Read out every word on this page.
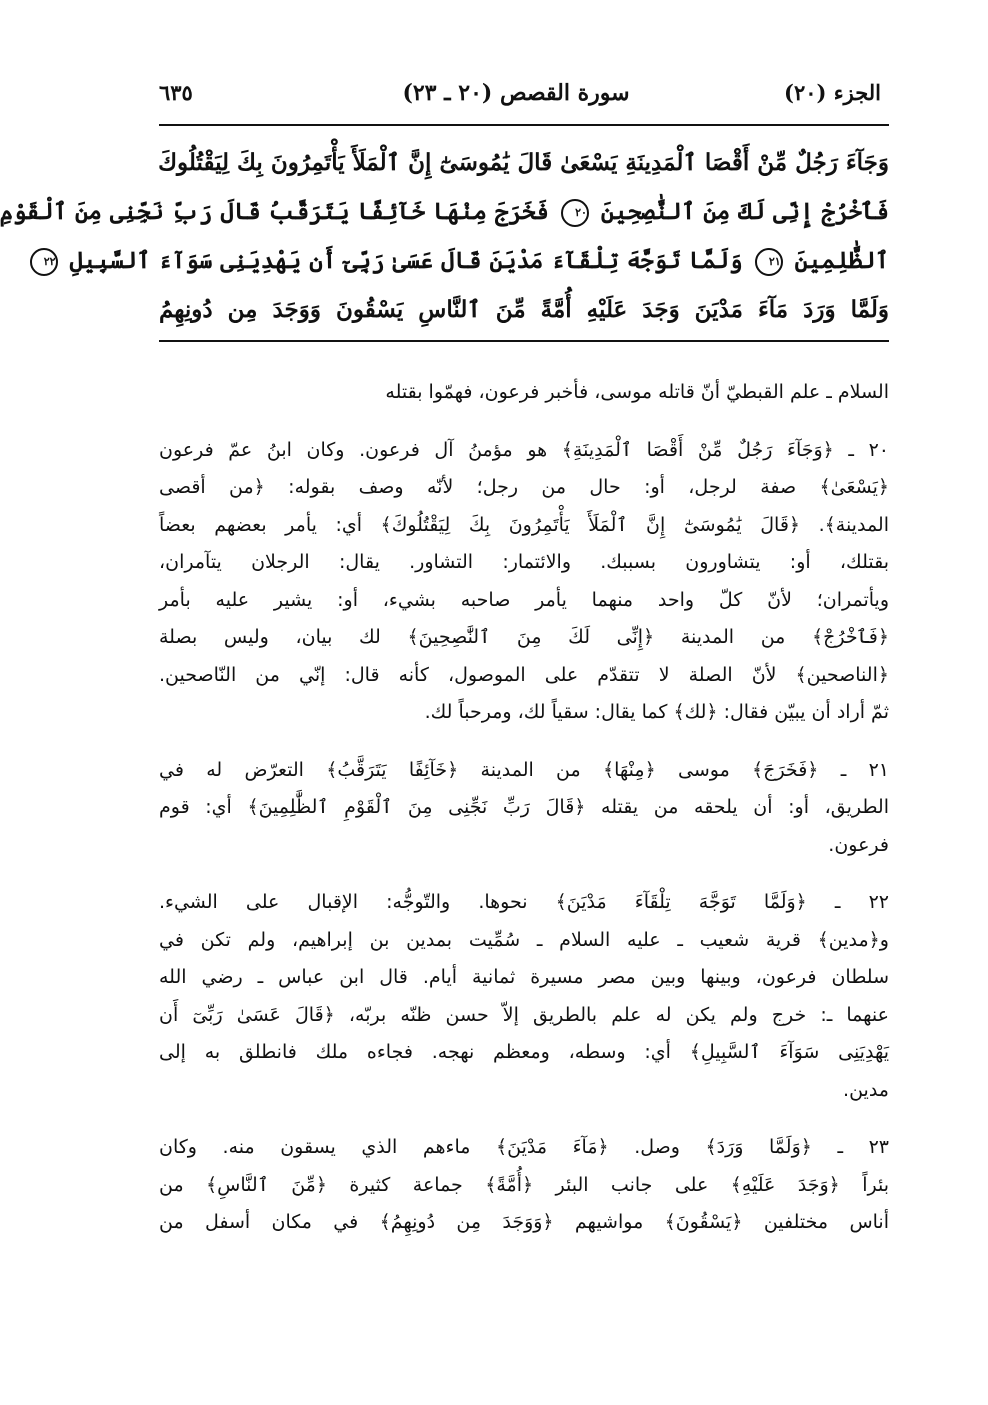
الجزء (٢٠)
سورة القصص (٢٠ ـ ٢٣)
٦٣٥
وَجَآءَ رَجُلٌ مِّنْ أَقْصَا ٱلْمَدِينَةِ يَسْعَىٰ قَالَ يَٰمُوسَىٰٓ إِنَّ ٱلْمَلَأَ يَأْتَمِرُونَ بِكَ لِيَقْتُلُوكَ
فَٱخْرُجْ إِنِّى لَكَ مِنَ ٱلنَّٰصِحِينَ ٢٠ فَخَرَجَ مِنْهَا خَآئِفًا يَتَرَقَّبُ قَالَ رَبِّ نَجِّنِى مِنَ ٱلْقَوْمِ
ٱلظَّٰلِمِينَ ٢١ وَلَمَّا تَوَجَّهَ تِلْقَآءَ مَدْيَنَ قَالَ عَسَىٰ رَبِّىٓ أَن يَهْدِيَنِى سَوَآءَ ٱلسَّبِيلِ ٢٢
وَلَمَّا وَرَدَ مَآءَ مَدْيَنَ وَجَدَ عَلَيْهِ أُمَّةً مِّنَ ٱلنَّاسِ يَسْقُونَ وَوَجَدَ مِن دُونِهِمُ
السلام ـ علم القبطيّ أنّ قاتله موسى، فأخبر فرعون، فهمّوا بقتله
٢٠ ـ ﴿وَجَآءَ رَجُلٌ مِّنْ أَقْصَا ٱلْمَدِينَةِ﴾ هو مؤمنُ آل فرعون. وكان ابنُ عمّ فرعون
﴿يَسْعَىٰ﴾ صفة لرجل، أو: حال من رجل؛ لأنّه وصف بقوله: ﴿من أقصى
المدينة﴾. ﴿قَالَ يَٰمُوسَىٰٓ إِنَّ ٱلْمَلَأَ يَأْتَمِرُونَ بِكَ لِيَقْتُلُوكَ﴾ أي: يأمر بعضهم بعضاً
بقتلك، أو: يتشاورون بسببك. والائتمار: التشاور. يقال: الرجلان يتآمران،
ويأتمران؛ لأنّ كلّ واحد منهما يأمر صاحبه بشيء، أو: يشير عليه بأمر
﴿فَٱخْرُجْ﴾ من المدينة ﴿إِنِّى لَكَ مِنَ ٱلنَّٰصِحِينَ﴾ لك بيان، وليس بصلة
﴿الناصحين﴾ لأنّ الصلة لا تتقدّم على الموصول، كأنه قال: إنّي من النّاصحين.
ثمّ أراد أن يبيّن فقال: ﴿لك﴾ كما يقال: سقياً لك، ومرحباً لك.
٢١ ـ ﴿فَخَرَجَ﴾ موسى ﴿مِنْهَا﴾ من المدينة ﴿خَآئِفًا يَتَرَقَّبُ﴾ التعرّض له في
الطريق، أو: أن يلحقه من يقتله ﴿قَالَ رَبِّ نَجِّنِى مِنَ ٱلْقَوْمِ ٱلظَّٰلِمِينَ﴾ أي: قوم
فرعون.
٢٢ ـ ﴿وَلَمَّا تَوَجَّهَ تِلْقَآءَ مَدْيَنَ﴾ نحوها. والتّوجُّه: الإقبال على الشيء.
و﴿مدين﴾ قرية شعيب ـ عليه السلام ـ سُمِّيت بمدين بن إبراهيم، ولم تكن في
سلطان فرعون، وبينها وبين مصر مسيرة ثمانية أيام. قال ابن عباس ـ رضي الله
عنهما ـ: خرج ولم يكن له علم بالطريق إلاّ حسن ظنّه بربّه، ﴿قَالَ عَسَىٰ رَبِّىٓ أَن
يَهْدِيَنِى سَوَآءَ ٱلسَّبِيلِ﴾ أي: وسطه، ومعظم نهجه. فجاءه ملك فانطلق به إلى
مدين.
٢٣ ـ ﴿وَلَمَّا وَرَدَ﴾ وصل. ﴿مَآءَ مَدْيَنَ﴾ ماءهم الذي يسقون منه. وكان
بئراً ﴿وَجَدَ عَلَيْهِ﴾ على جانب البئر ﴿أُمَّةً﴾ جماعة كثيرة ﴿مِّنَ ٱلنَّاسِ﴾ من
أناس مختلفين ﴿يَسْقُونَ﴾ مواشيهم ﴿وَوَجَدَ مِن دُونِهِمُ﴾ في مكان أسفل من
